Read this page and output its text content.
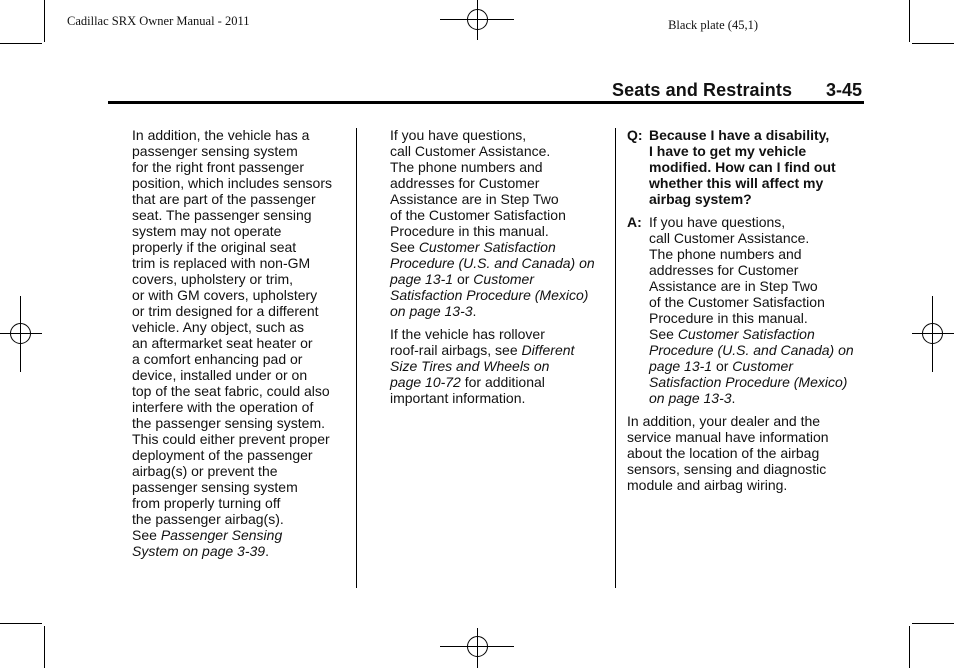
Cadillac SRX Owner Manual - 2011	Black plate (45,1)
Seats and Restraints 3-45

In addition, the vehicle has a
passenger sensing system
for the right front passenger
position, which includes sensors
that are part of the passenger
seat. The passenger sensing
system may not operate
properly if the original seat
trim is replaced with non-GM
covers, upholstery or trim,
or with GM covers, upholstery
or trim designed for a different
vehicle. Any object, such as
an aftermarket seat heater or
a comfort enhancing pad or
device, installed under or on
top of the seat fabric, could also
interfere with the operation of
the passenger sensing system.
This could either prevent proper
deployment of the passenger
airbag(s) or prevent the
passenger sensing system
from properly turning off
the passenger airbag(s).
See Passenger Sensing
System on page 3-39.

If you have questions,
call Customer Assistance.
The phone numbers and
addresses for Customer
Assistance are in Step Two
of the Customer Satisfaction
Procedure in this manual.
See Customer Satisfaction
Procedure (U.S. and Canada) on
page 13-1 or Customer
Satisfaction Procedure (Mexico)
on page 13-3.

If the vehicle has rollover
roof-rail airbags, see Different
Size Tires and Wheels on
page 10-72 for additional
important information.

Q: Because I have a disability,
I have to get my vehicle
modified. How can I find out
whether this will affect my
airbag system?
A: If you have questions,
call Customer Assistance.
The phone numbers and
addresses for Customer
Assistance are in Step Two
of the Customer Satisfaction
Procedure in this manual.
See Customer Satisfaction
Procedure (U.S. and Canada) on
page 13-1 or Customer
Satisfaction Procedure (Mexico)
on page 13-3.

In addition, your dealer and the
service manual have information
about the location of the airbag
sensors, sensing and diagnostic
module and airbag wiring.
